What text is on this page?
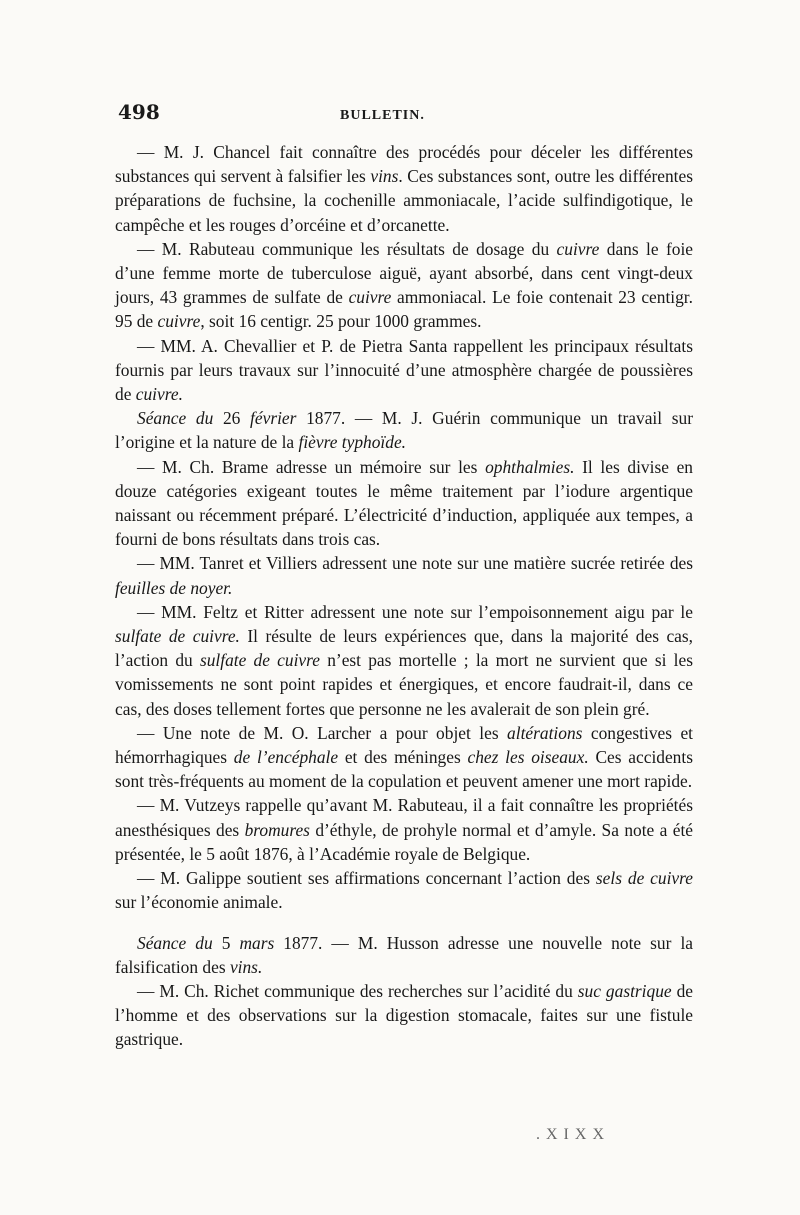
498	BULLETIN.

— M. J. Chancel fait connaître des procédés pour déceler les différentes substances qui servent à falsifier les vins. Ces substances sont, outre les différentes préparations de fuchsine, la cochenille ammoniacale, l’acide sulfindigotique, le campêche et les rouges d’orcéine et d’orcanette.

— M. Rabuteau communique les résultats de dosage du cuivre dans le foie d’une femme morte de tuberculose aiguë, ayant absorbé, dans cent vingt-deux jours, 43 grammes de sulfate de cuivre ammoniacal. Le foie contenait 23 centigr. 95 de cuivre, soit 16 centigr. 25 pour 1000 grammes.

— MM. A. Chevallier et P. de Pietra Santa rappellent les principaux résultats fournis par leurs travaux sur l’innocuité d’une atmosphère chargée de poussières de cuivre.

Séance du 26 février 1877. — M. J. Guérin communique un travail sur l’origine et la nature de la fièvre typhoïde.

— M. Ch. Brame adresse un mémoire sur les ophthalmies. Il les divise en douze catégories exigeant toutes le même traitement par l’iodure argentique naissant ou récemment préparé. L’électricité d’induction, appliquée aux tempes, a fourni de bons résultats dans trois cas.

— MM. Tanret et Villiers adressent une note sur une matière sucrée retirée des feuilles de noyer.

— MM. Feltz et Ritter adressent une note sur l’empoisonnement aigu par le sulfate de cuivre. Il résulte de leurs expériences que, dans la majorité des cas, l’action du sulfate de cuivre n’est pas mortelle ; la mort ne survient que si les vomissements ne sont point rapides et énergiques, et encore faudrait-il, dans ce cas, des doses tellement fortes que personne ne les avalerait de son plein gré.

— Une note de M. O. Larcher a pour objet les altérations congestives et hémorrhagiques de l’encéphale et des méninges chez les oiseaux. Ces accidents sont très-fréquents au moment de la copulation et peuvent amener une mort rapide.

— M. Vutzeys rappelle qu’avant M. Rabuteau, il a fait connaître les propriétés anesthésiques des bromures d’éthyle, de prohyle normal et d’amyle. Sa note a été présentée, le 5 août 1876, à l’Académie royale de Belgique.

— M. Galippe soutient ses affirmations concernant l’action des sels de cuivre sur l’économie animale.

Séance du 5 mars 1877. — M. Husson adresse une nouvelle note sur la falsification des vins.

— M. Ch. Richet communique des recherches sur l’acidité du suc gastrique de l’homme et des observations sur la digestion stomacale, faites sur une fistule gastrique.

. X I X X
